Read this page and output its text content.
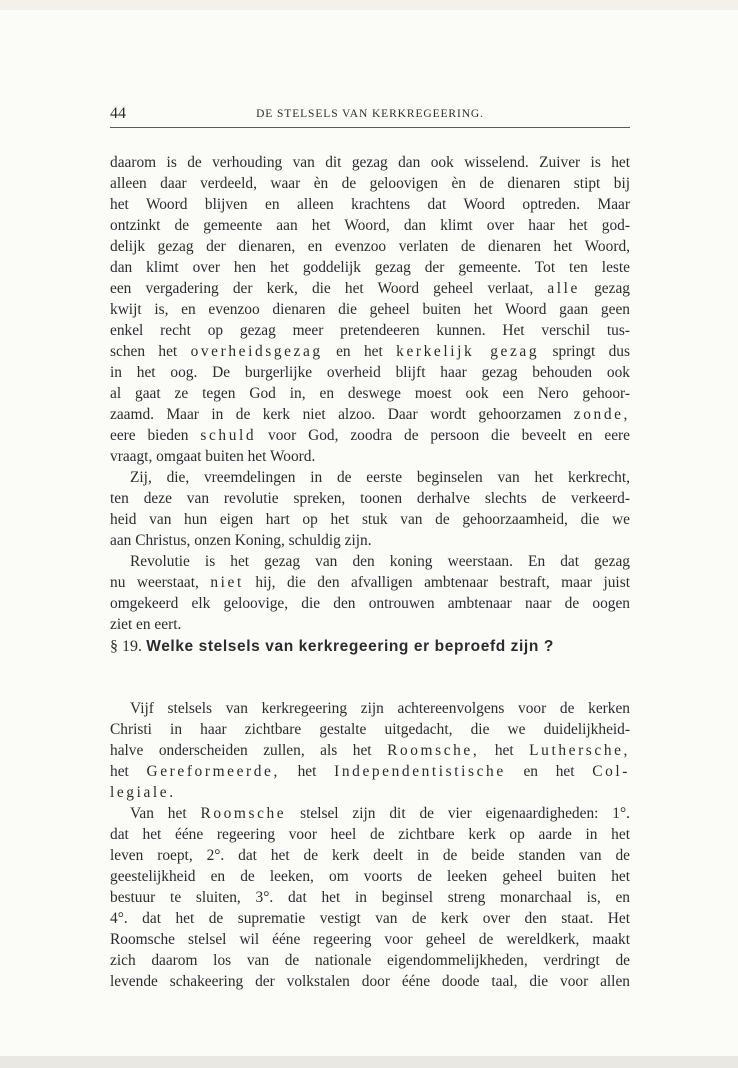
44	DE STELSELS VAN KERKREGEERING.
daarom is de verhouding van dit gezag dan ook wisselend. Zuiver is het
alleen daar verdeeld, waar èn de geloovigen èn de dienaren stipt bij
het Woord blijven en alleen krachtens dat Woord optreden. Maar
ontzinkt de gemeente aan het Woord, dan klimt over haar het god-
delijk gezag der dienaren, en evenzoo verlaten de dienaren het Woord,
dan klimt over hen het goddelijk gezag der gemeente. Tot ten leste
een vergadering der kerk, die het Woord geheel verlaat, alle gezag
kwijt is, en evenzoo dienaren die geheel buiten het Woord gaan geen
enkel recht op gezag meer pretendeeren kunnen. Het verschil tus-
schen het overheidsgezag en het kerkelijk gezag springt dus
in het oog. De burgerlijke overheid blijft haar gezag behouden ook
al gaat ze tegen God in, en deswege moest ook een Nero gehoor-
zaamd. Maar in de kerk niet alzoo. Daar wordt gehoorzamen zonde,
eere bieden schuld voor God, zoodra de persoon die beveelt en eere
vraagt, omgaat buiten het Woord.
Zij, die, vreemdelingen in de eerste beginselen van het kerkrecht,
ten deze van revolutie spreken, toonen derhalve slechts de verkeerd-
heid van hun eigen hart op het stuk van de gehoorzaamheid, die we
aan Christus, onzen Koning, schuldig zijn.
Revolutie is het gezag van den koning weerstaan. En dat gezag
nu weerstaat, niet hij, die den afvalligen ambtenaar bestraft, maar juist
omgekeerd elk geloovige, die den ontrouwen ambtenaar naar de oogen
ziet en eert.
§ 19. Welke stelsels van kerkregeering er beproefd zijn ?
Vijf stelsels van kerkregeering zijn achtereenvolgens voor de kerken
Christi in haar zichtbare gestalte uitgedacht, die we duidelijkheid-
halve onderscheiden zullen, als het Roomsche, het Luthersche,
het Gereformeerde, het Independentistische en het Col-
legiale.
Van het Roomsche stelsel zijn dit de vier eigenaardigheden: 1°.
dat het ééne regeering voor heel de zichtbare kerk op aarde in het
leven roept, 2°. dat het de kerk deelt in de beide standen van de
geestelijkheid en de leeken, om voorts de leeken geheel buiten het
bestuur te sluiten, 3°. dat het in beginsel streng monarchaal is, en
4°. dat het de suprematie vestigt van de kerk over den staat. Het
Roomsche stelsel wil ééne regeering voor geheel de wereldkerk, maakt
zich daarom los van de nationale eigendommelijkheden, verdringt de
levende schakeering der volkstalen door ééne doode taal, die voor allen
